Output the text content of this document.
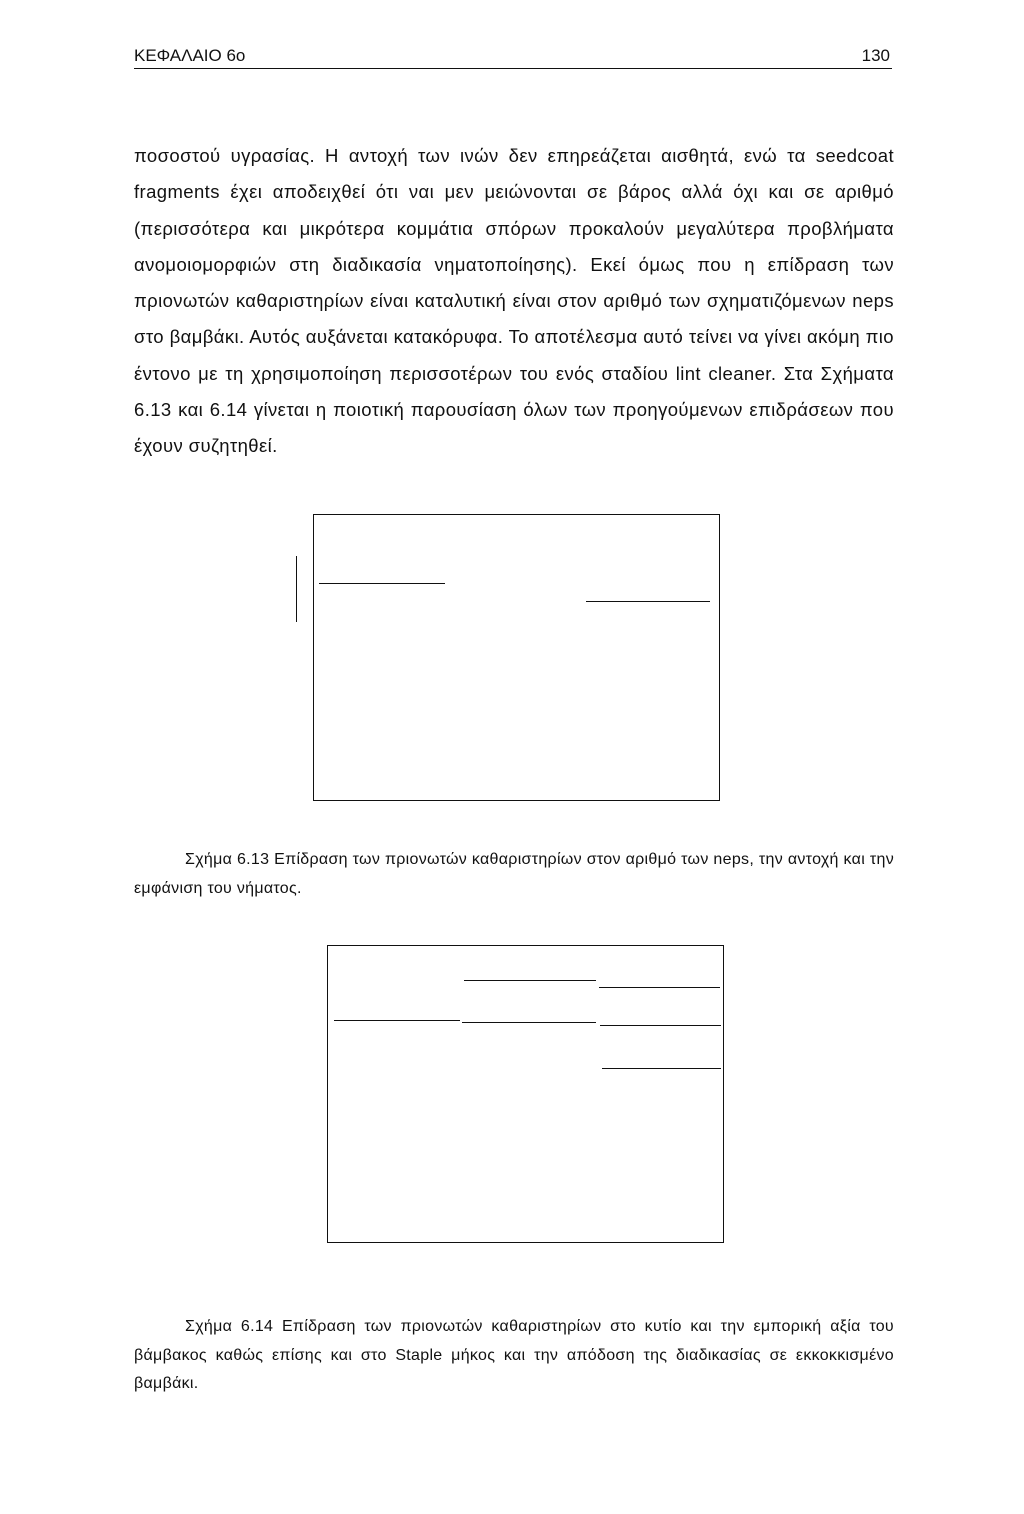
ΚΕΦΑΛΑΙΟ 6ο	130

ποσοστού υγρασίας. Η αντοχή των ινών δεν επηρεάζεται αισθητά, ενώ τα seedcoat fragments έχει αποδειχθεί ότι ναι μεν μειώνονται σε βάρος αλλά όχι και σε αριθμό (περισσότερα και μικρότερα κομμάτια σπόρων προκαλούν μεγαλύτερα προβλήματα ανομοιομορφιών στη διαδικασία νηματοποίησης). Εκεί όμως που η επίδραση των πριονωτών καθαριστηρίων είναι καταλυτική είναι στον αριθμό των σχηματιζόμενων neps στο βαμβάκι. Αυτός αυξάνεται κατακόρυφα. Το αποτέλεσμα αυτό τείνει να γίνει ακόμη πιο έντονο με τη χρησιμοποίηση περισσοτέρων του ενός σταδίου lint cleaner. Στα Σχήματα 6.13 και 6.14 γίνεται η ποιοτική παρουσίαση όλων των προηγούμενων επιδράσεων που έχουν συζητηθεί.

Σχήμα 6.13 Επίδραση των πριονωτών καθαριστηρίων στον αριθμό των neps, την αντοχή και την εμφάνιση του νήματος.

Σχήμα 6.14 Επίδραση των πριονωτών καθαριστηρίων στο κυτίο και την εμπορική αξία του βάμβακος καθώς επίσης και στο Staple μήκος και την απόδοση της διαδικασίας σε εκκοκκισμένο βαμβάκι.
